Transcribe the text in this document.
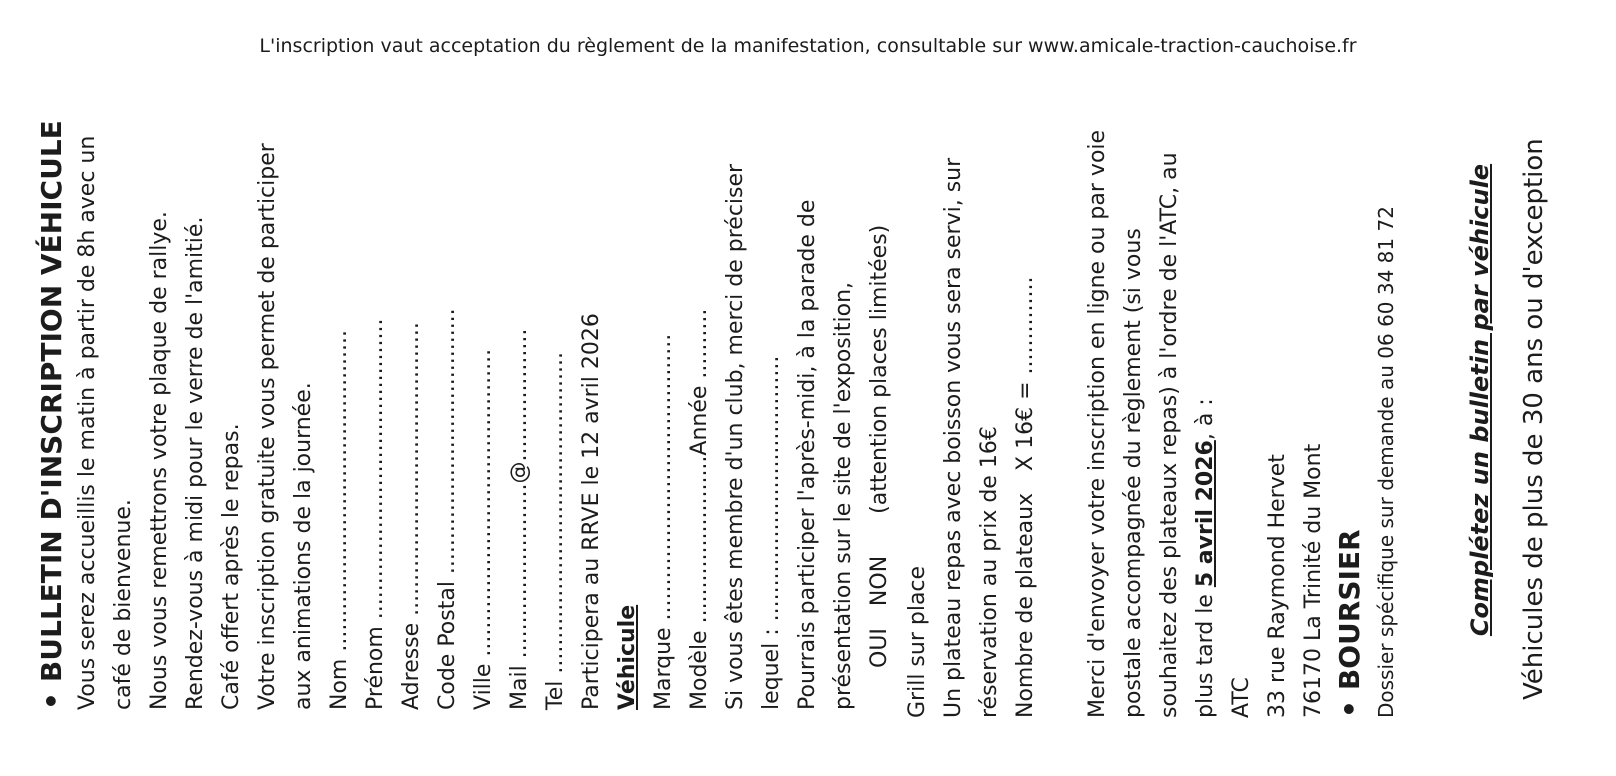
L'inscription vaut acceptation du règlement de la manifestation, consultable sur www.amicale-traction-cauchoise.fr
•BULLETIN D'INSCRIPTION VÉHICULE Vous serez accueillis le matin à partir de 8h avec un café de bienvenue. Nous vous remettrons votre plaque de rallye. Rendez-vous à midi pour le verre de l'amitié. Café offert après le repas. Votre inscription gratuite vous permet de participer aux animations de la journée. Nom .............................................. Prénom ........................................... Adresse .......................................... Code Postal ...................................... Ville ............................................ Mail .........................@................... Tel .............................................. Participera au RRVE le 12 avril 2026 Véhicule Marque ......................................... Modèle ........................Année .......... Si vous êtes membre d'un club, merci de préciser lequel : ...................................... Pourrais participer l'après-midi, à la parade de présentation sur le site de l'exposition, OUINON(attention places limitées)
Grill sur place Un plateau repas avec boisson vous sera servi, sur réservation au prix de 16€ Nombre de plateauxX 16€ = .............. Merci d'envoyer votre inscription en ligne ou par voie postale accompagnée du règlement (si vous souhaitez des plateaux repas) à l'ordre de l'ATC, au plus tard le 5 avril 2026, à :
ATC 33 rue Raymond Hervet 76170 La Trinité du Mont •BOURSIER Dossier spécifique sur demande au 06 60 34 81 72	Complétez un bulletin par véhicule Véhicules de plus de 30 ans ou d'exception
